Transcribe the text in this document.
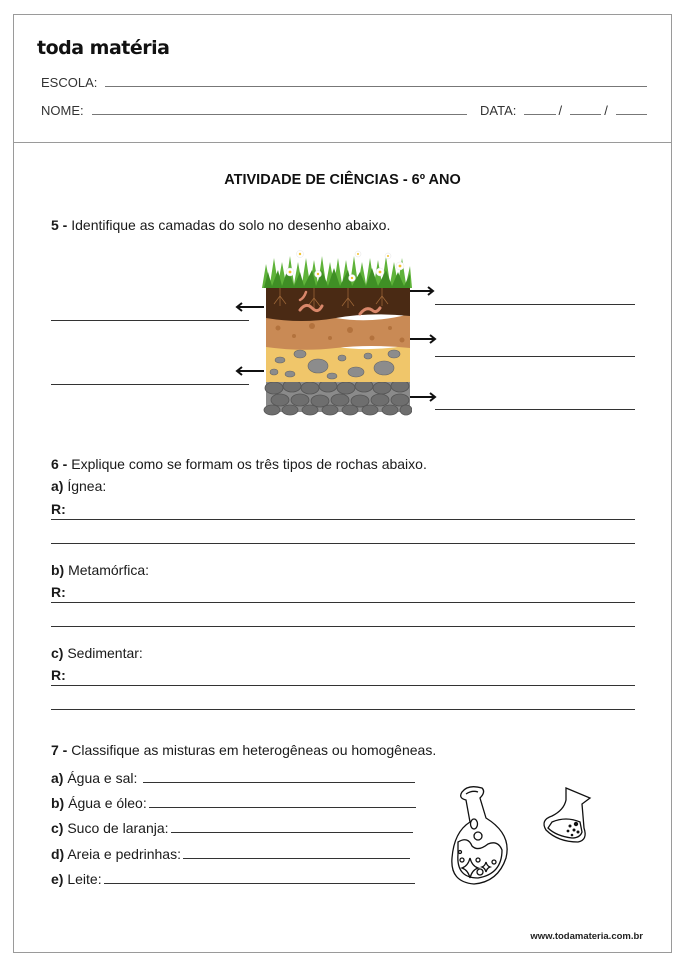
toda matéria
ESCOLA:
NOME:	DATA:	/	/
ATIVIDADE DE CIÊNCIAS - 6º ANO
5 - Identifique as camadas do solo no desenho abaixo.
6 - Explique como se formam os três tipos de rochas abaixo.
a) Ígnea:
R:
b) Metamórfica:
R:
c) Sedimentar:
R:
7 - Classifique as misturas em heterogêneas ou homogêneas.
a) Água e sal:
b) Água e óleo:
c) Suco de laranja:
d) Areia e pedrinhas:
e) Leite:
www.todamateria.com.br
